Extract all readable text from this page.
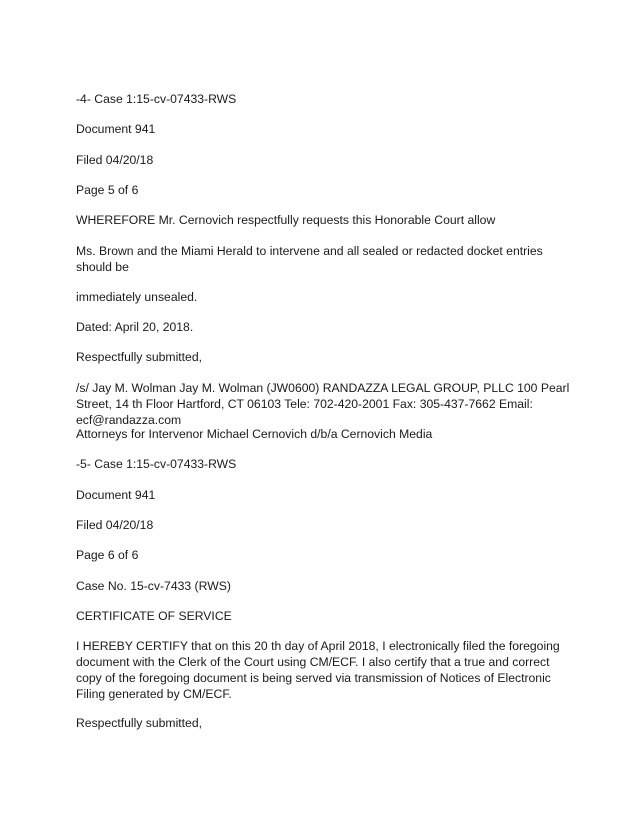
-4- Case 1:15-cv-07433-RWS

Document 941

Filed 04/20/18

Page 5 of 6

WHEREFORE Mr. Cernovich respectfully requests this Honorable Court allow

Ms. Brown and the Miami Herald to intervene and all sealed or redacted docket entries should be

immediately unsealed.

Dated: April 20, 2018.

Respectfully submitted,

/s/ Jay M. Wolman Jay M. Wolman (JW0600) RANDAZZA LEGAL GROUP, PLLC 100 Pearl Street, 14 th Floor Hartford, CT 06103 Tele: 702-420-2001 Fax: 305-437-7662 Email: ecf@randazza.com

Attorneys for Intervenor Michael Cernovich d/b/a Cernovich Media

-5- Case 1:15-cv-07433-RWS

Document 941

Filed 04/20/18

Page 6 of 6

Case No. 15-cv-7433 (RWS)

CERTIFICATE OF SERVICE

I HEREBY CERTIFY that on this 20 th day of April 2018, I electronically filed the foregoing document with the Clerk of the Court using CM/ECF. I also certify that a true and correct copy of the foregoing document is being served via transmission of Notices of Electronic Filing generated by CM/ECF.

Respectfully submitted,
